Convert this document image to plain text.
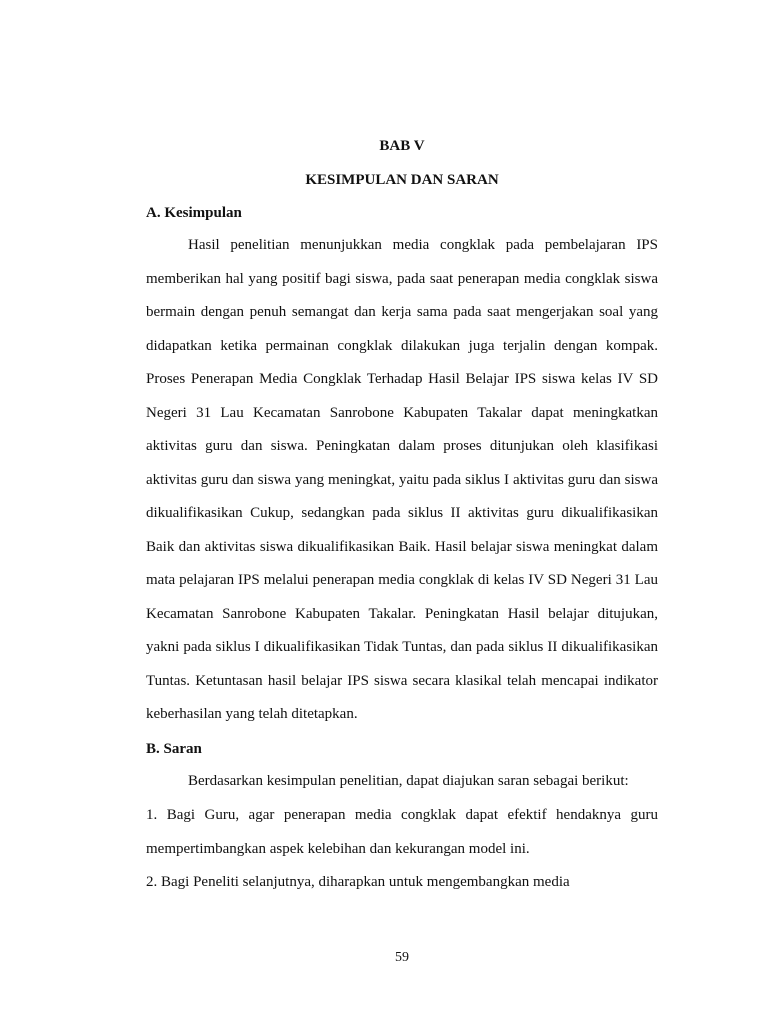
BAB V
KESIMPULAN DAN SARAN
A. Kesimpulan

Hasil penelitian menunjukkan media congklak pada pembelajaran IPS memberikan hal yang positif bagi siswa, pada saat penerapan media congklak siswa bermain dengan penuh semangat dan kerja sama pada saat mengerjakan soal yang didapatkan ketika permainan congklak dilakukan juga terjalin dengan kompak. Proses Penerapan Media Congklak Terhadap Hasil Belajar IPS siswa kelas IV SD Negeri 31 Lau Kecamatan Sanrobone Kabupaten Takalar dapat meningkatkan aktivitas guru dan siswa. Peningkatan dalam proses ditunjukan oleh klasifikasi aktivitas guru dan siswa yang meningkat, yaitu pada siklus I aktivitas guru dan siswa dikualifikasikan Cukup, sedangkan pada siklus II aktivitas guru dikualifikasikan Baik dan aktivitas siswa dikualifikasikan Baik. Hasil belajar siswa meningkat dalam mata pelajaran IPS melalui penerapan media congklak di kelas IV SD Negeri 31 Lau Kecamatan Sanrobone Kabupaten Takalar. Peningkatan Hasil belajar ditujukan, yakni pada siklus I dikualifikasikan Tidak Tuntas, dan pada siklus II dikualifikasikan Tuntas. Ketuntasan hasil belajar IPS siswa secara klasikal telah mencapai indikator keberhasilan yang telah ditetapkan.

B. Saran

Berdasarkan kesimpulan penelitian, dapat diajukan saran sebagai berikut:

1. Bagi Guru, agar penerapan media congklak dapat efektif hendaknya guru mempertimbangkan aspek kelebihan dan kekurangan model ini.

2. Bagi Peneliti selanjutnya, diharapkan untuk mengembangkan media

59
